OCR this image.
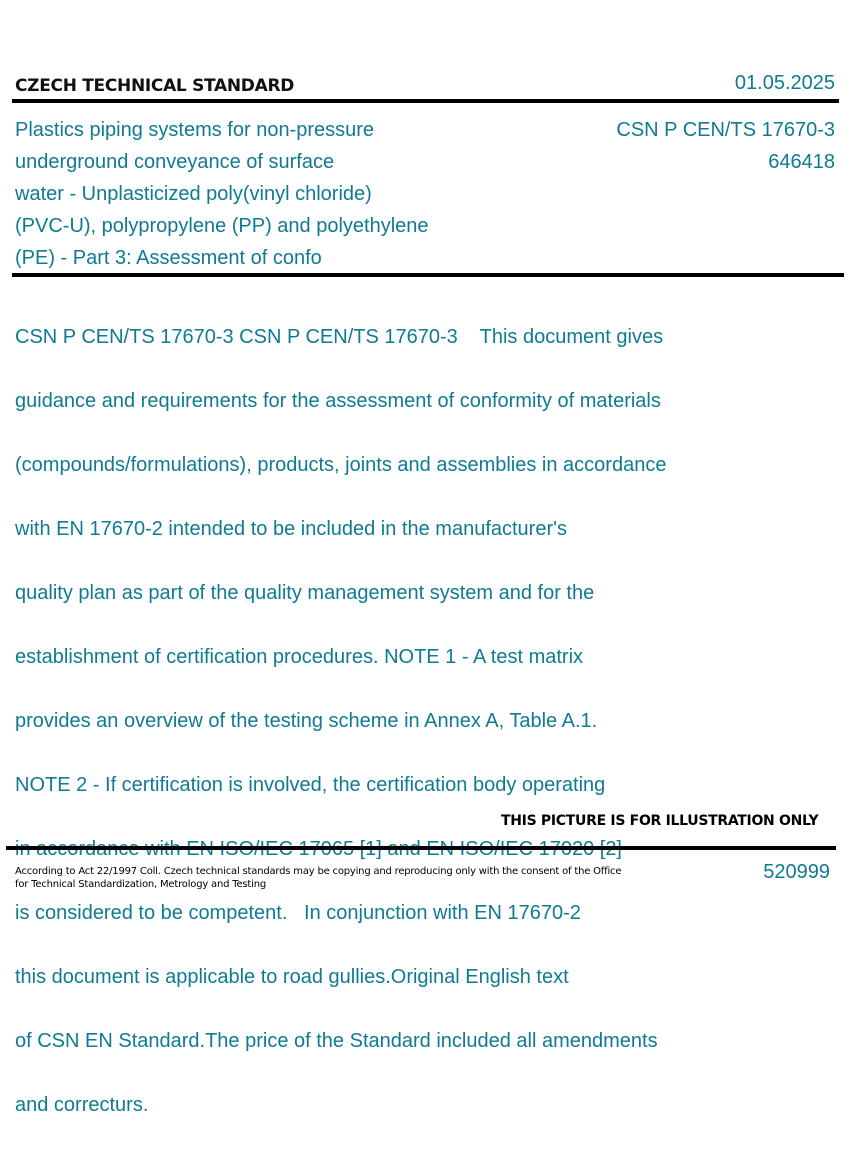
CZECH TECHNICAL STANDARD	01.05.2025
Plastics piping systems for non-pressure
underground conveyance of surface
water - Unplasticized poly(vinyl chloride)
(PVC-U), polypropylene (PP) and polyethylene
(PE) - Part 3: Assessment of confo
CSN P CEN/TS 17670-3
646418

CSN P CEN/TS 17670-3 CSN P CEN/TS 17670-3    This document gives

guidance and requirements for the assessment of conformity of materials

(compounds/formulations), products, joints and assemblies in accordance

with EN 17670-2 intended to be included in the manufacturer's

quality plan as part of the quality management system and for the

establishment of certification procedures. NOTE 1 - A test matrix

provides an overview of the testing scheme in Annex A, Table A.1.

NOTE 2 - If certification is involved, the certification body operating

is considered to be competent.   In conjunction with EN 17670-2

this document is applicable to road gullies.Original English text

of CSN EN Standard.The price of the Standard included all amendments

and correcturs.

THIS PICTURE IS FOR ILLUSTRATION ONLY
According to Act 22/1997 Coll. Czech technical standards may be copying and reproducing only with the consent of the Office
for Technical Standardization, Metrology and Testing
520999
